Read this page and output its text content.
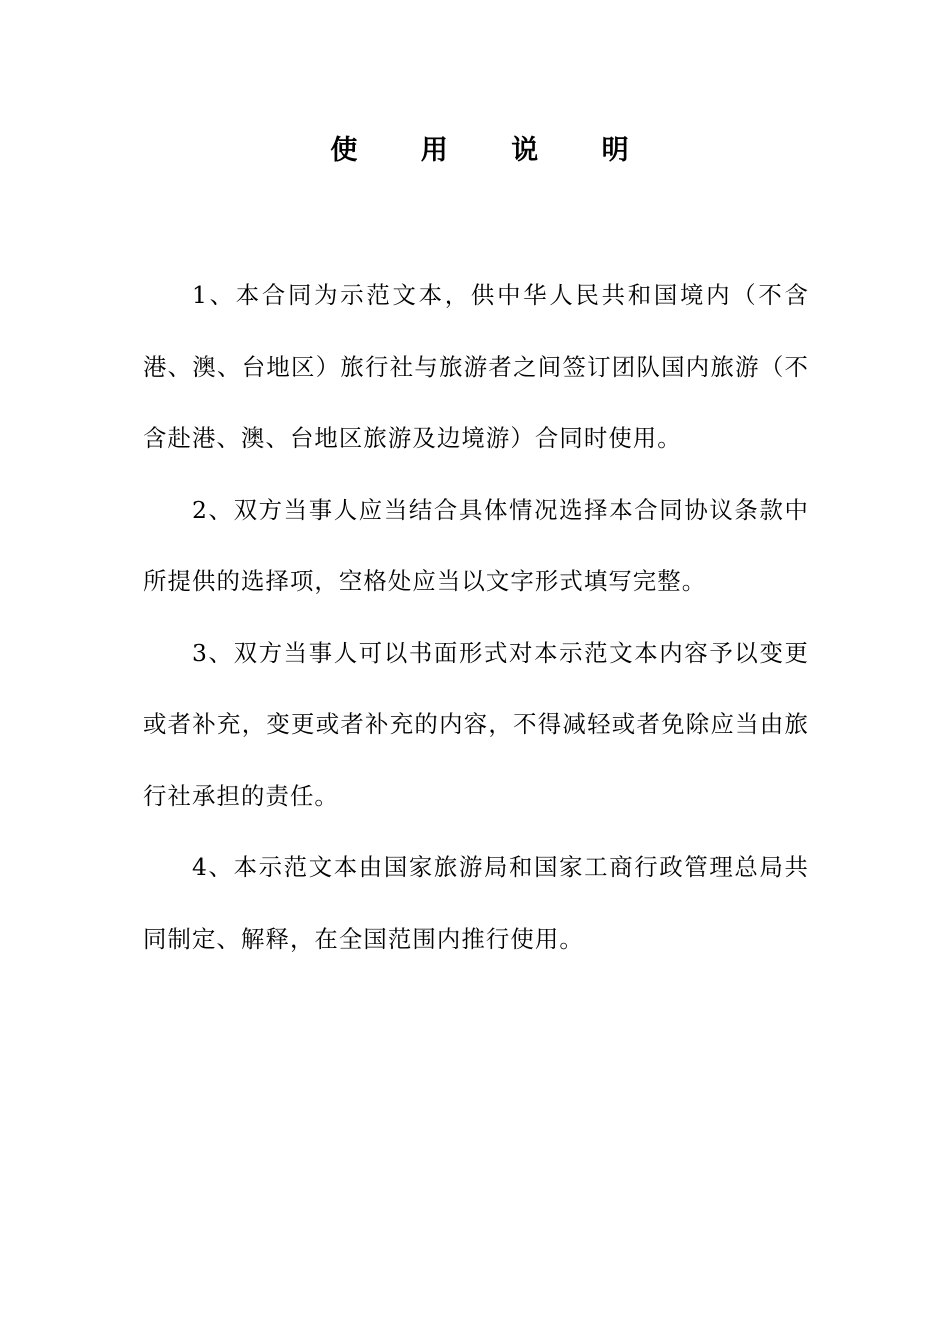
使 用 说 明

1、本合同为示范文本，供中华人民共和国境内（不含港、澳、台地区）旅行社与旅游者之间签订团队国内旅游（不含赴港、澳、台地区旅游及边境游）合同时使用。

2、双方当事人应当结合具体情况选择本合同协议条款中所提供的选择项，空格处应当以文字形式填写完整。

3、双方当事人可以书面形式对本示范文本内容予以变更或者补充，变更或者补充的内容，不得减轻或者免除应当由旅行社承担的责任。

4、本示范文本由国家旅游局和国家工商行政管理总局共同制定、解释，在全国范围内推行使用。
